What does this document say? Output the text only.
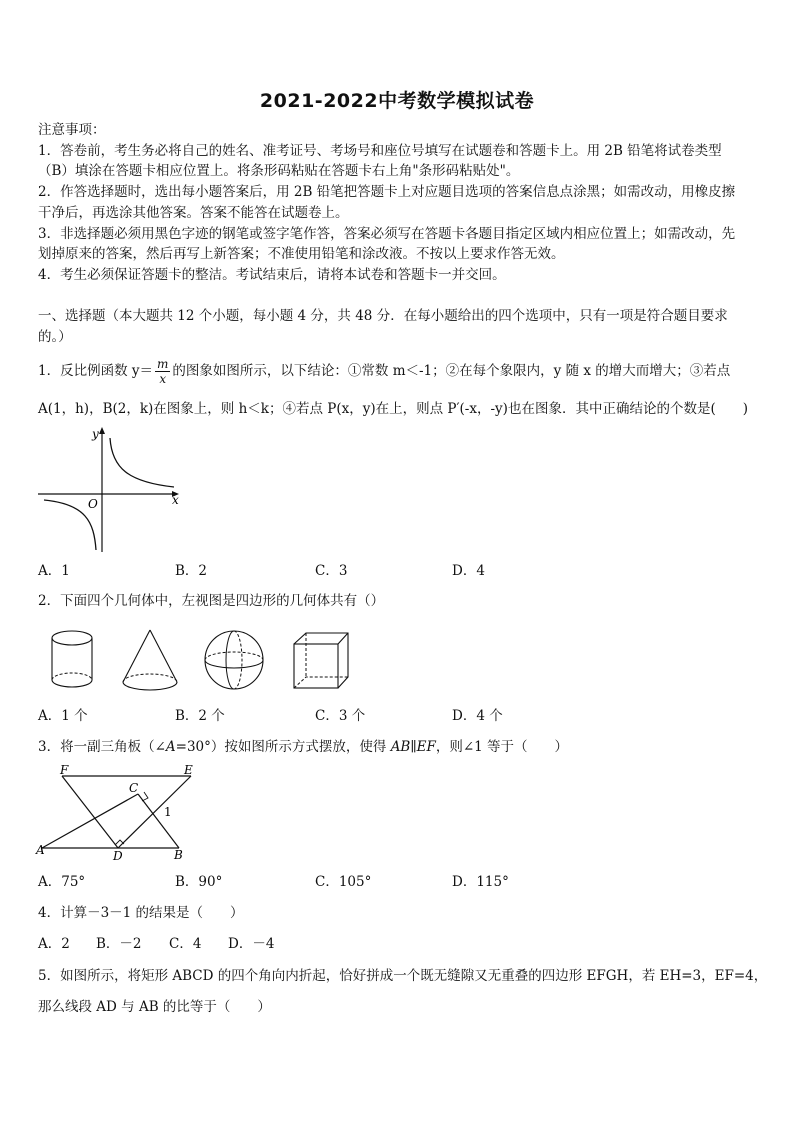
2021-2022中考数学模拟试卷
注意事项：
1．答卷前，考生务必将自己的姓名、准考证号、考场号和座位号填写在试题卷和答题卡上。用 2B 铅笔将试卷类型
（B）填涂在答题卡相应位置上。将条形码粘贴在答题卡右上角"条形码粘贴处"。
2．作答选择题时，选出每小题答案后，用 2B 铅笔把答题卡上对应题目选项的答案信息点涂黑；如需改动，用橡皮擦
干净后，再选涂其他答案。答案不能答在试题卷上。
3．非选择题必须用黑色字迹的钢笔或签字笔作答，答案必须写在答题卡各题目指定区域内相应位置上；如需改动，先
划掉原来的答案，然后再写上新答案；不准使用铅笔和涂改液。不按以上要求作答无效。
4．考生必须保证答题卡的整洁。考试结束后，请将本试卷和答题卡一并交回。
一、选择题（本大题共 12 个小题，每小题 4 分，共 48 分．在每小题给出的四个选项中，只有一项是符合题目要求
的。）
1．反比例函数 $y= \frac{m}{x}$ 的图象如图所示，以下结论：①常数 m＜-1；②在每个象限内，y 随 x 的增大而增大；③若点
A(1，h)，B(2，k)在图象上，则 h＜k；④若点 P(x，y)在上，则点 P′(-x，-y)也在图象．其中正确结论的个数是(　　)
y
x
O
A．1	B．2	C．3	D．4
2．下面四个几何体中，左视图是四边形的几何体共有（）
A．1 个	B．2 个	C．3 个	D．4 个
3．将一副三角板（∠A=30°）按如图所示方式摆放，使得 AB∥EF，则∠1 等于（　　）
F	E
C
1
A	D	B
A．75°	B．90°	C．105°	D．115°
4．计算－3－1 的结果是（　　）
A．2 B．－2 C．4 D．－4
5．如图所示，将矩形 ABCD 的四个角向内折起，恰好拼成一个既无缝隙又无重叠的四边形 EFGH，若 EH=3，EF=4，
那么线段 AD 与 AB 的比等于（　　）
